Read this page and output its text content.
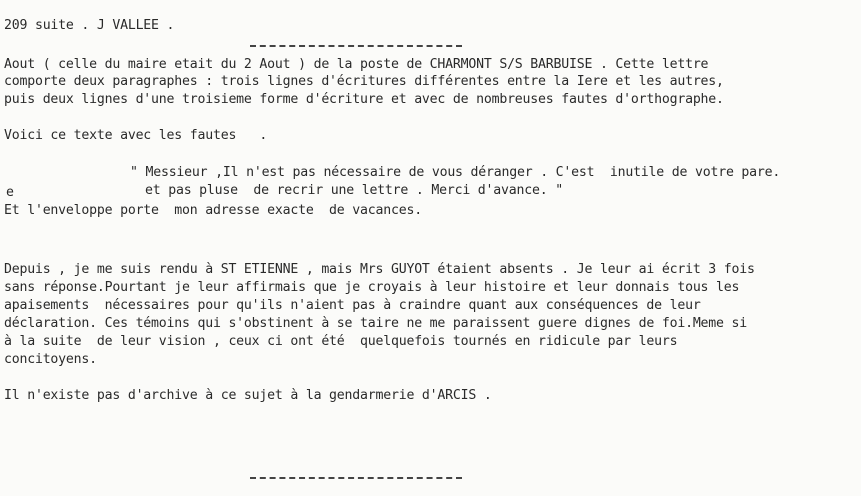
209 suite . J VALLEE .
Aout ( celle du maire etait du 2 Aout ) de la poste de CHARMONT S/S BARBUISE . Cette lettre
comporte deux paragraphes : trois lignes d'écritures différentes entre la Iere et les autres,
puis deux lignes d'une troisieme forme d'écriture et avec de nombreuses fautes d'orthographe.
Voici ce texte avec les fautes   .
" Messieur ,Il n'est pas nécessaire de vous déranger . C'est  inutile de votre pare.
e	et pas pluse  de recrir une lettre . Merci d'avance. "
Et l'enveloppe porte  mon adresse exacte  de vacances.
Depuis , je me suis rendu à ST ETIENNE , mais Mrs GUYOT étaient absents . Je leur ai écrit 3 fois
sans réponse.Pourtant je leur affirmais que je croyais à leur histoire et leur donnais tous les
apaisements  nécessaires pour qu'ils n'aient pas à craindre quant aux conséquences de leur
déclaration. Ces témoins qui s'obstinent à se taire ne me paraissent guere dignes de foi.Meme si
à la suite  de leur vision , ceux ci ont été  quelquefois tournés en ridicule par leurs
concitoyens.
Il n'existe pas d'archive à ce sujet à la gendarmerie d'ARCIS .
